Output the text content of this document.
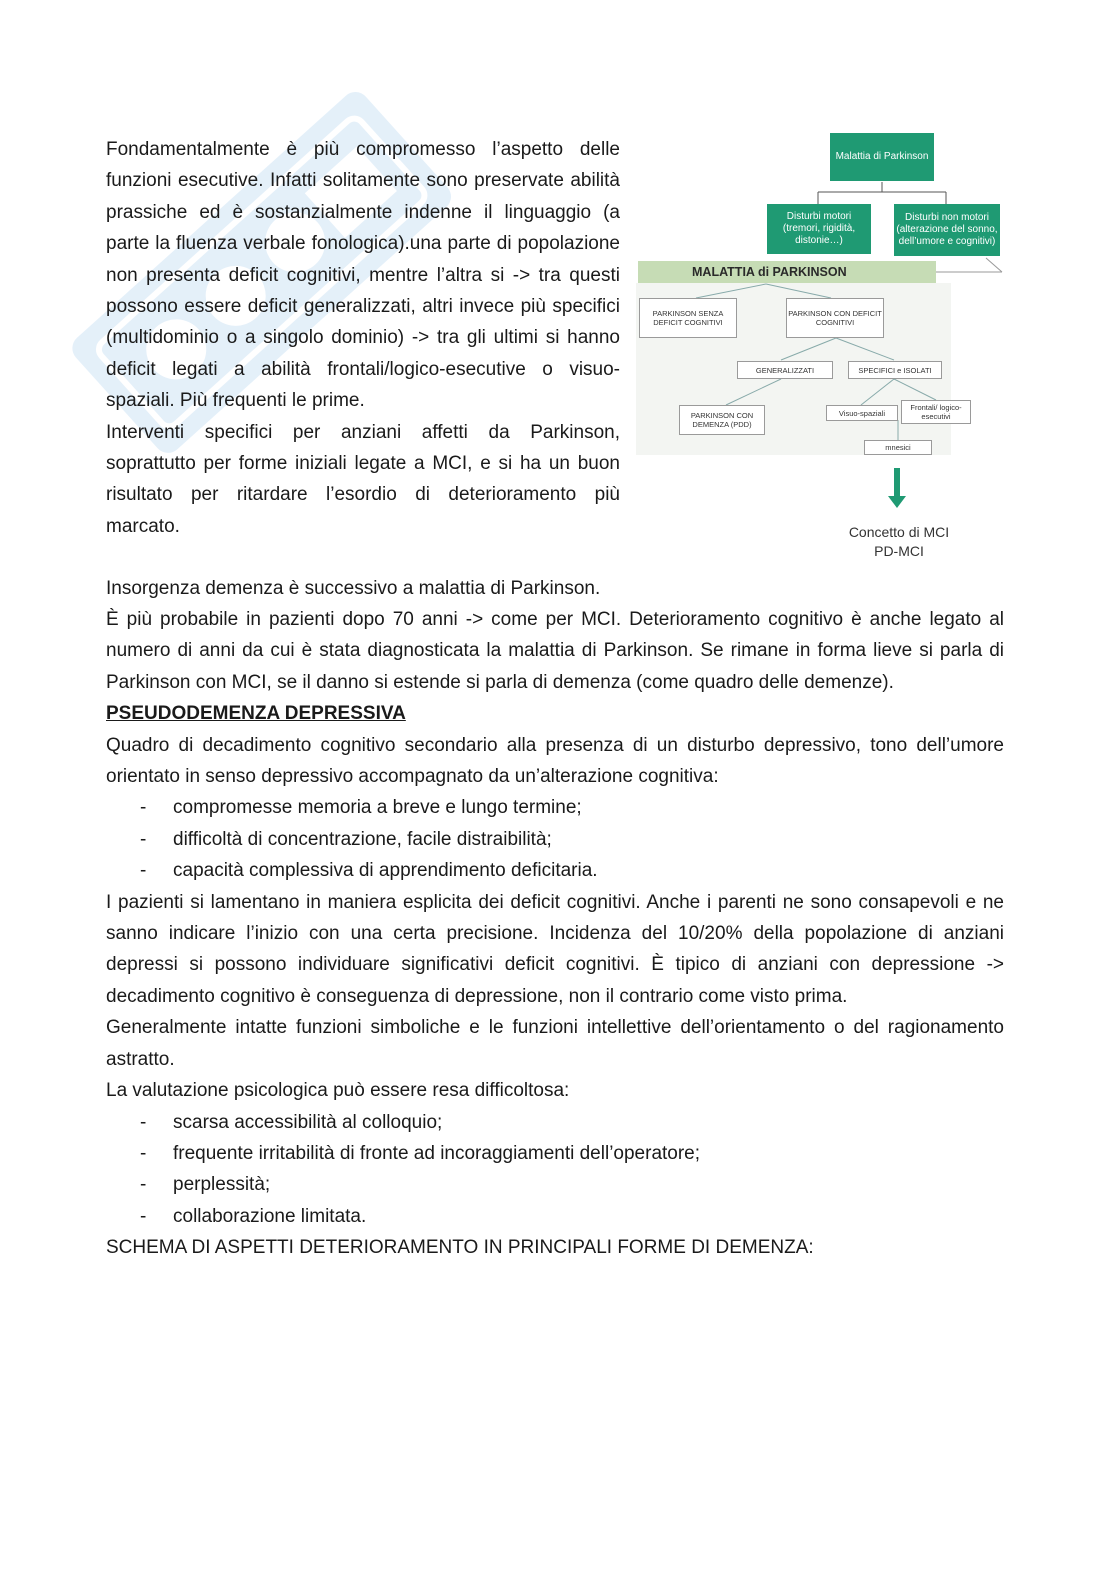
Fondamentalmente è più compromesso l’aspetto delle funzioni esecutive. Infatti solitamente sono preservate abilità prassiche ed è sostanzialmente indenne il linguaggio (a parte la fluenza verbale fonologica).una parte di popolazione non presenta deficit cognitivi, mentre l’altra si -> tra questi possono essere deficit generalizzati, altri invece più specifici (multidominio o a singolo dominio) -> tra gli ultimi si hanno deficit legati a abilità frontali/logico-esecutive o visuo-spaziali. Più frequenti le prime.

Interventi specifici per anziani affetti da Parkinson, soprattutto per forme iniziali legate a MCI, e si ha un buon risultato per ritardare l’esordio di deterioramento più marcato.

Insorgenza demenza è successivo a malattia di Parkinson.

È più probabile in pazienti dopo 70 anni -> come per MCI. Deterioramento cognitivo è anche legato al numero di anni da cui è stata diagnosticata la malattia di Parkinson. Se rimane in forma lieve si parla di Parkinson con MCI, se il danno si estende si parla di demenza (come quadro delle demenze).

PSEUDODEMENZA DEPRESSIVA

Quadro di decadimento cognitivo secondario alla presenza di un disturbo depressivo, tono dell’umore orientato in senso depressivo accompagnato da un’alterazione cognitiva:

- compromesse memoria a breve e lungo termine;
- difficoltà di concentrazione, facile distraibilità;
- capacità complessiva di apprendimento deficitaria.

I pazienti si lamentano in maniera esplicita dei deficit cognitivi. Anche i parenti ne sono consapevoli e ne sanno indicare l’inizio con una certa precisione. Incidenza del 10/20% della popolazione di anziani depressi si possono individuare significativi deficit cognitivi. È tipico di anziani con depressione -> decadimento cognitivo è conseguenza di depressione, non il contrario come visto prima.

Generalmente intatte funzioni simboliche e le funzioni intellettive dell’orientamento o del ragionamento astratto.

La valutazione psicologica può essere resa difficoltosa:

- scarsa accessibilità al colloquio;
- frequente irritabilità di fronte ad incoraggiamenti dell’operatore;
- perplessità;
- collaborazione limitata.

SCHEMA DI ASPETTI DETERIORAMENTO IN PRINCIPALI FORME DI DEMENZA:

Malattia di Parkinson
Disturbi motori (tremori, rigidità, distonie…)
Disturbi non motori (alterazione del sonno, dell’umore e cognitivi)
MALATTIA di PARKINSON
PARKINSON SENZA DEFICIT COGNITIVI
PARKINSON CON DEFICIT COGNITIVI
GENERALIZZATI	SPECIFICI e ISOLATI
PARKINSON CON DEMENZA (PDD)
Visuo-spaziali
Frontali/ logico-esecutivi
mnesici
Concetto di MCI PD-MCI
